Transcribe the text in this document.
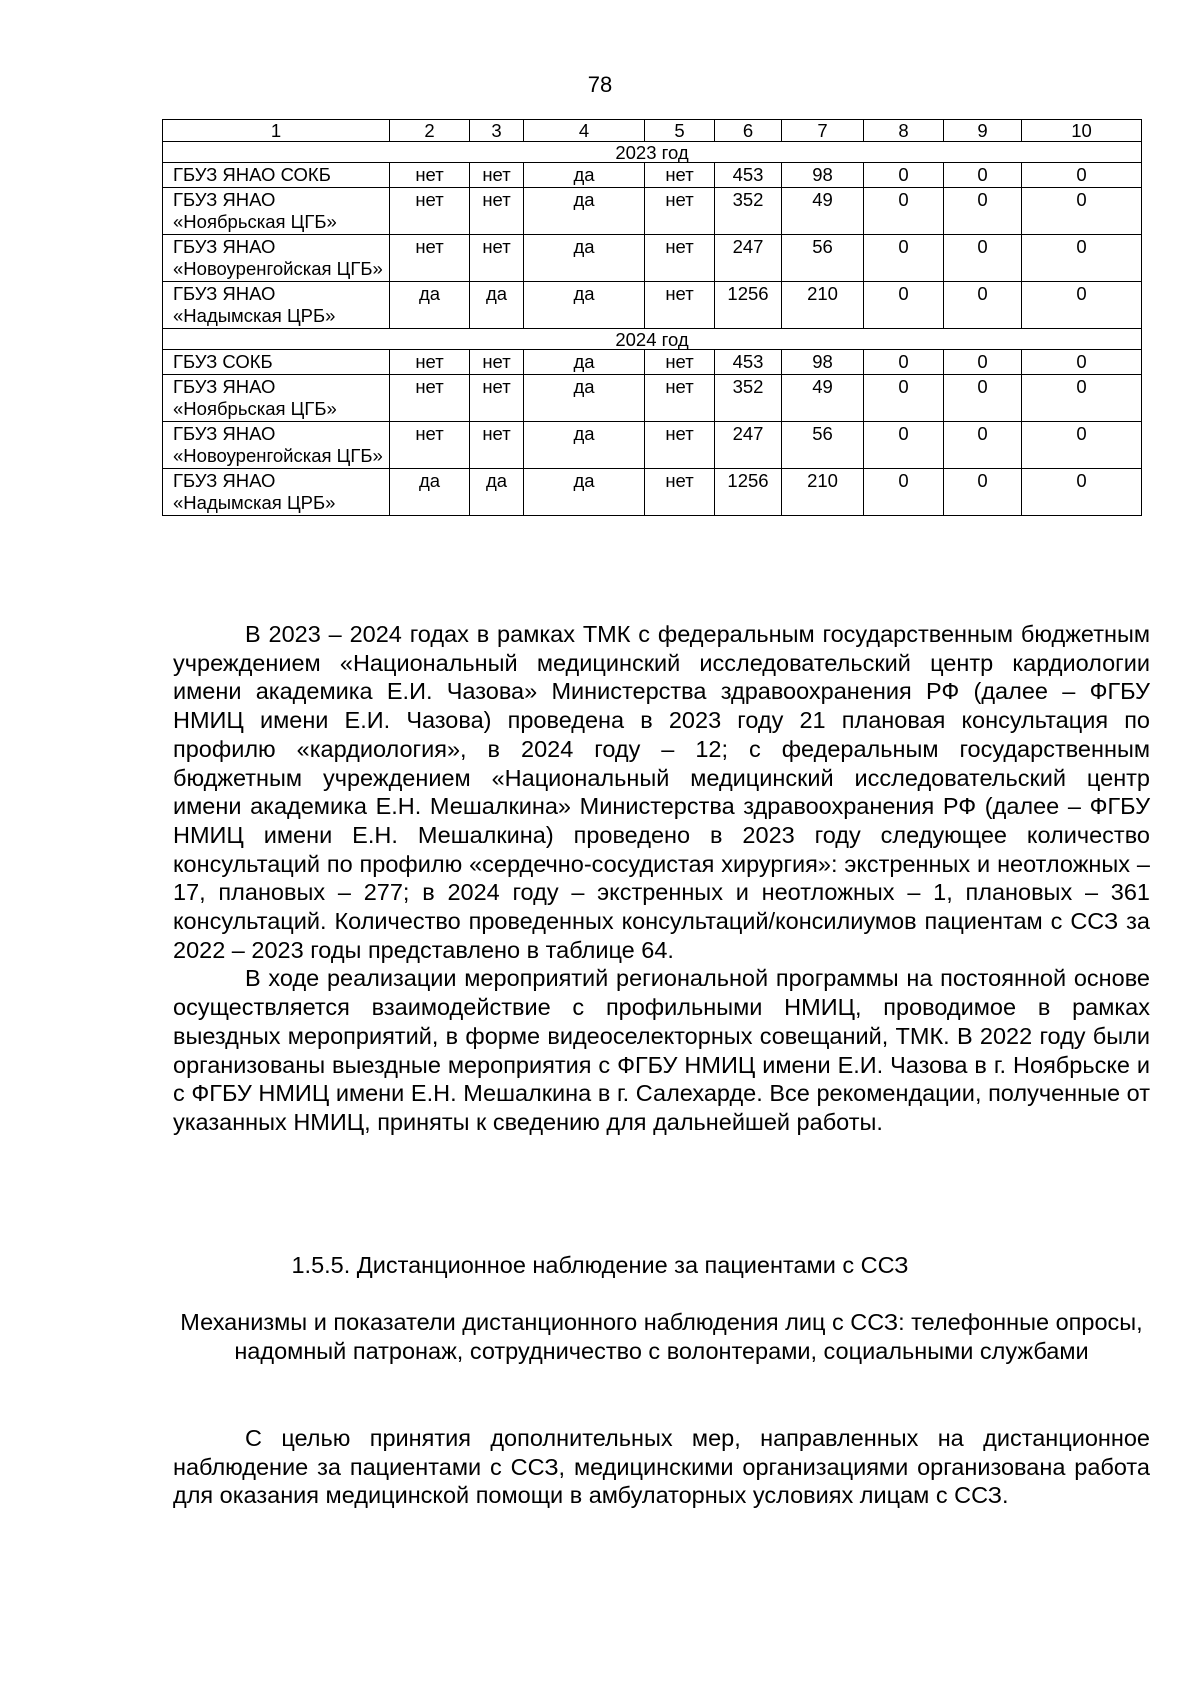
78
1	2	3	4	5	6	7	8	9	10
2023 год									
ГБУЗ ЯНАО СОКБ	нет	нет	да	нет	453	98	0	0	0
ГБУЗ ЯНАО «Ноябрьская ЦГБ»	нет	нет	да	нет	352	49	0	0	0
ГБУЗ ЯНАО «Новоуренгойская ЦГБ»	нет	нет	да	нет	247	56	0	0	0
ГБУЗ ЯНАО «Надымская ЦРБ»	да	да	да	нет	1256	210	0	0	0
2024 год									
ГБУЗ СОКБ	нет	нет	да	нет	453	98	0	0	0
ГБУЗ ЯНАО «Ноябрьская ЦГБ»	нет	нет	да	нет	352	49	0	0	0
ГБУЗ ЯНАО «Новоуренгойская ЦГБ»	нет	нет	да	нет	247	56	0	0	0
ГБУЗ ЯНАО «Надымская ЦРБ»	да	да	да	нет	1256	210	0	0	0

В 2023 – 2024 годах в рамках ТМК с федеральным государственным бюджетным учреждением «Национальный медицинский исследовательский центр кардиологии имени академика Е.И. Чазова» Министерства здравоохранения РФ (далее – ФГБУ НМИЦ имени Е.И. Чазова) проведена в 2023 году 21 плановая консультация по профилю «кардиология», в 2024 году – 12; с федеральным государственным бюджетным учреждением «Национальный медицинский исследовательский центр имени академика Е.Н. Мешалкина» Министерства здравоохранения РФ (далее – ФГБУ НМИЦ имени Е.Н. Мешалкина) проведено в 2023 году следующее количество консультаций по профилю «сердечно-сосудистая хирургия»: экстренных и неотложных – 17, плановых – 277; в 2024 году – экстренных и неотложных – 1, плановых – 361 консультаций. Количество проведенных консультаций/консилиумов пациентам с ССЗ за 2022 – 2023 годы представлено в таблице 64.

В ходе реализации мероприятий региональной программы на постоянной основе осуществляется взаимодействие с профильными НМИЦ, проводимое в рамках выездных мероприятий, в форме видеоселекторных совещаний, ТМК. В 2022 году были организованы выездные мероприятия с ФГБУ НМИЦ имени Е.И. Чазова в г. Ноябрьске и с ФГБУ НМИЦ имени Е.Н. Мешалкина в г. Салехарде. Все рекомендации, полученные от указанных НМИЦ, приняты к сведению для дальнейшей работы.

1.5.5. Дистанционное наблюдение за пациентами с ССЗ
Механизмы и показатели дистанционного наблюдения лиц с ССЗ: телефонные опросы, надомный патронаж, сотрудничество с волонтерами, социальными службами

С целью принятия дополнительных мер, направленных на дистанционное наблюдение за пациентами с ССЗ, медицинскими организациями организована работа для оказания медицинской помощи в амбулаторных условиях лицам с ССЗ.
